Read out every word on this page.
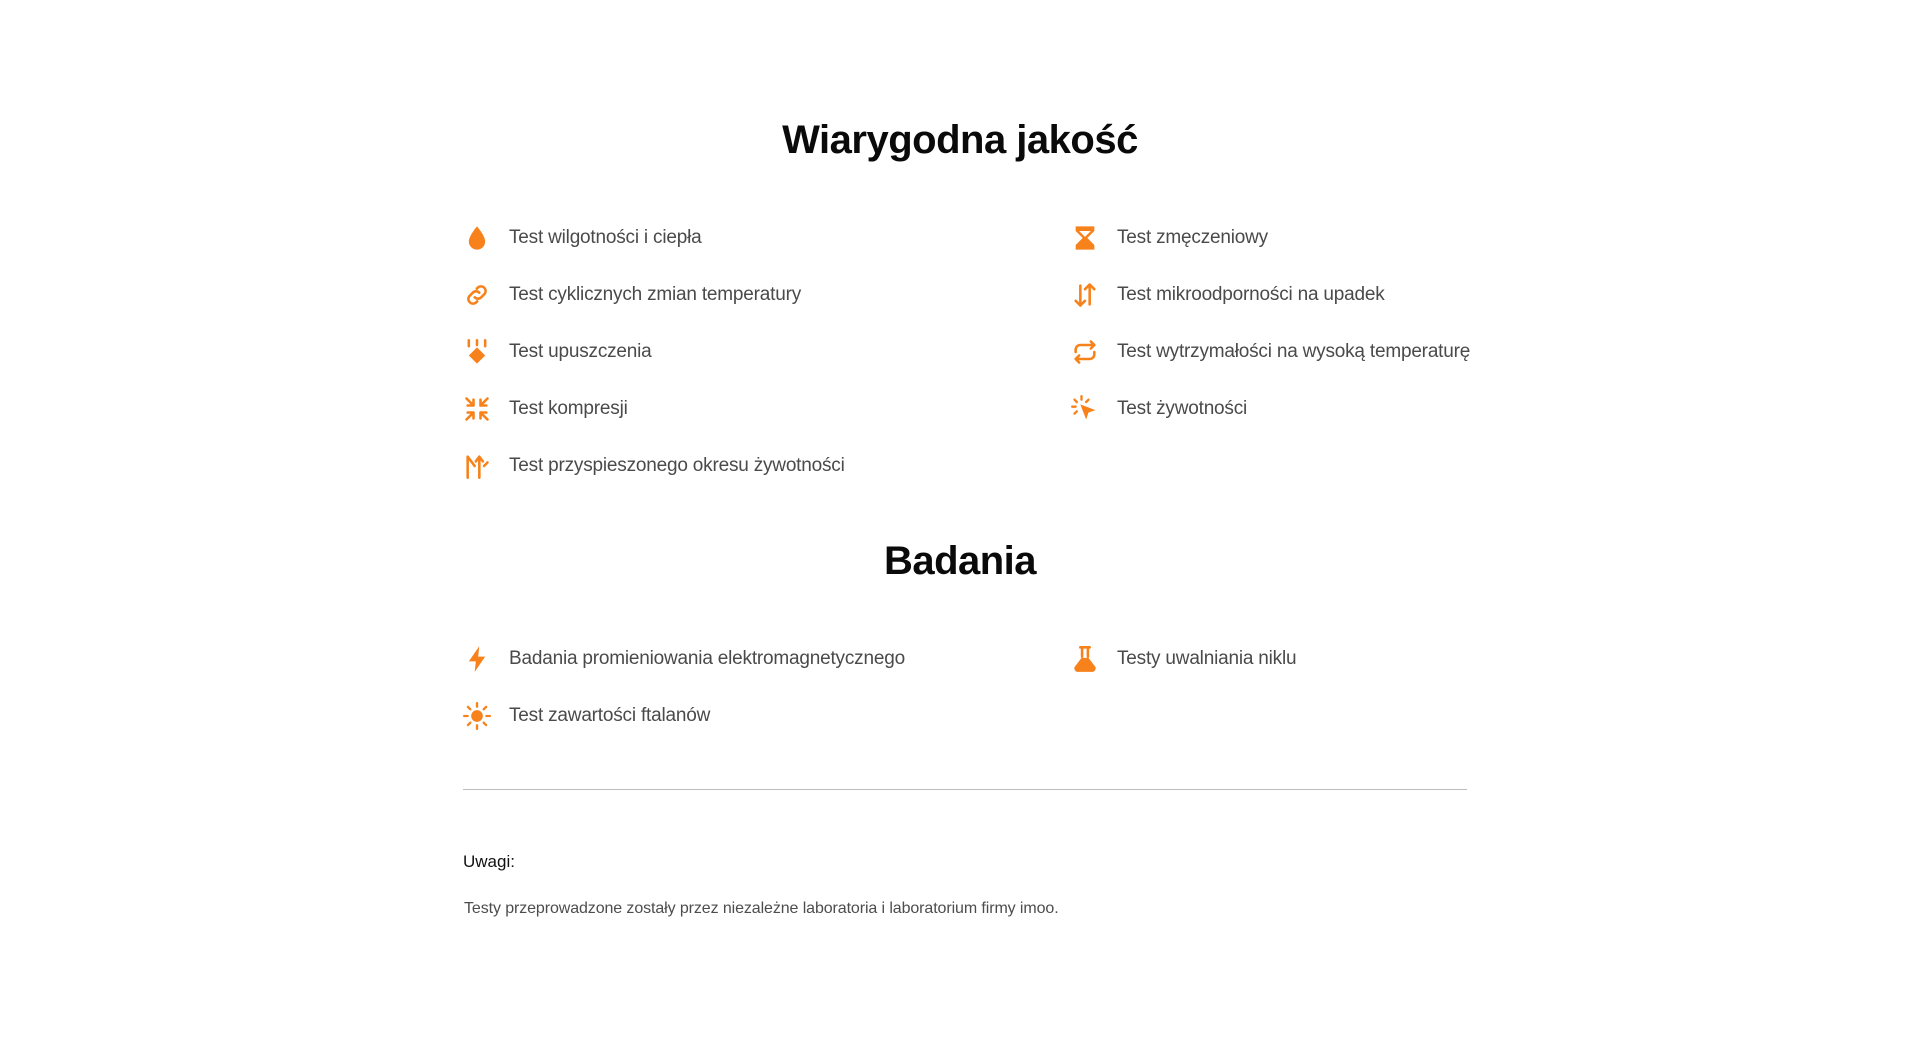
Wiarygodna jakość
Test wilgotności i ciepła
Test cyklicznych zmian temperatury
Test upuszczenia
Test kompresji
Test przyspieszonego okresu żywotności
Test zmęczeniowy
Test mikroodporności na upadek
Test wytrzymałości na wysoką temperaturę
Test żywotności
Badania
Badania promieniowania elektromagnetycznego
Test zawartości ftalanów
Testy uwalniania niklu
Uwagi:
Testy przeprowadzone zostały przez niezależne laboratoria i laboratorium firmy imoo.
